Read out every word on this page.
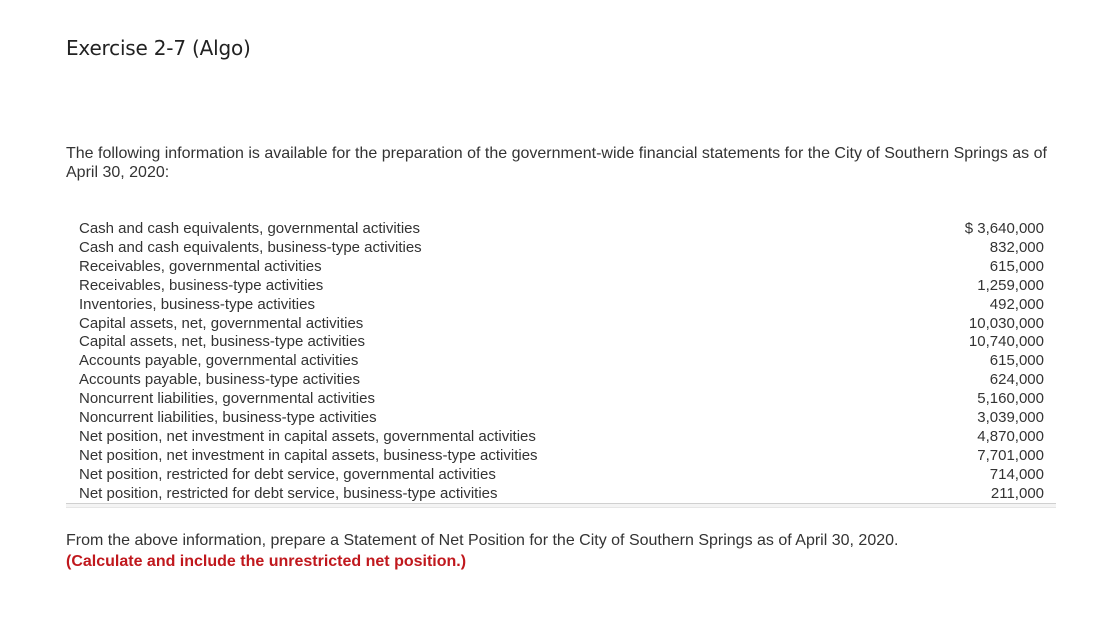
Exercise 2-7 (Algo)

The following information is available for the preparation of the government-wide financial statements for the City of Southern Springs as of April 30, 2020:

Cash and cash equivalents, governmental activities	$ 3,640,000
Cash and cash equivalents, business-type activities	832,000
Receivables, governmental activities	615,000
Receivables, business-type activities	1,259,000
Inventories, business-type activities	492,000
Capital assets, net, governmental activities	10,030,000
Capital assets, net, business-type activities	10,740,000
Accounts payable, governmental activities	615,000
Accounts payable, business-type activities	624,000
Noncurrent liabilities, governmental activities	5,160,000
Noncurrent liabilities, business-type activities	3,039,000
Net position, net investment in capital assets, governmental activities	4,870,000
Net position, net investment in capital assets, business-type activities	7,701,000
Net position, restricted for debt service, governmental activities	714,000
Net position, restricted for debt service, business-type activities	211,000
From the above information, prepare a Statement of Net Position for the City of Southern Springs as of April 30, 2020.
(Calculate and include the unrestricted net position.)
